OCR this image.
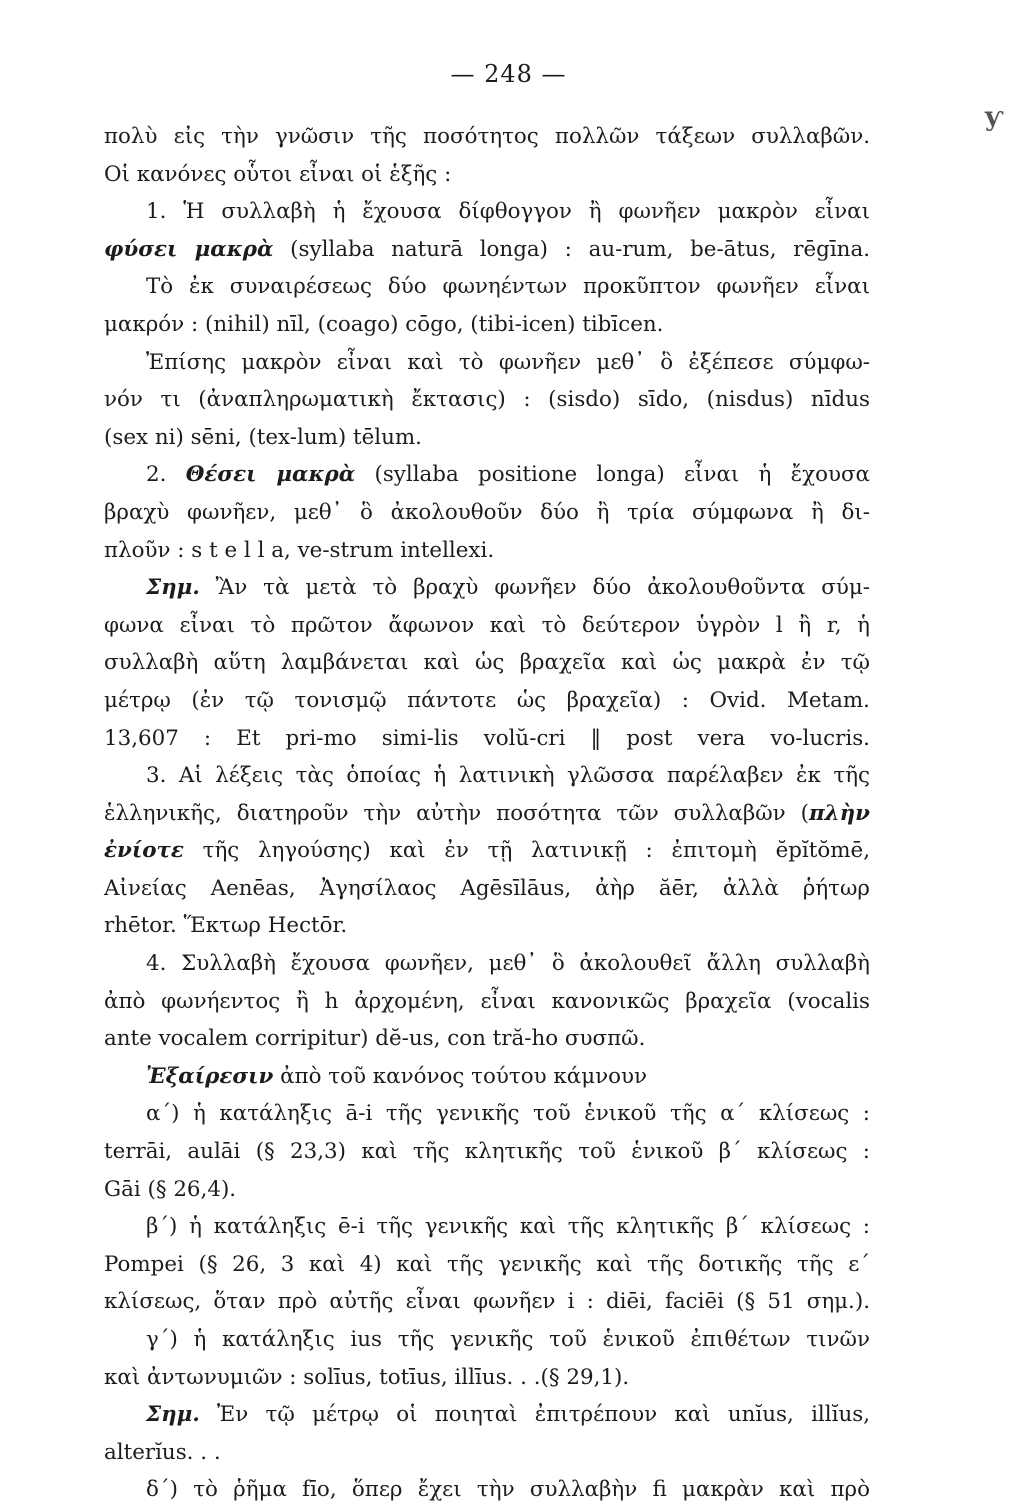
— 248 —
πολὺ εἰς τὴν γνῶσιν τῆς ποσότητος πολλῶν τάξεων συλλαβῶν.
Οἱ κανόνες οὗτοι εἶναι οἱ ἑξῆς :
1. Ἡ συλλαβὴ ἡ ἔχουσα δίφθογγον ἢ φωνῆεν μακρὸν εἶναι
φύσει μακρὰ (syllaba naturā longa) : au-rum, be-ātus, rēgīna.
Τὸ ἐκ συναιρέσεως δύο φωνηέντων προκῦπτον φωνῆεν εἶναι
μακρόν : (nihil) nīl, (coago) cōgo, (tibi-icen) tibīcen.
Ἐπίσης μακρὸν εἶναι καὶ τὸ φωνῆεν μεθ᾽ ὃ ἐξέπεσε σύμφω-
νόν τι (ἀναπληρωματικὴ ἔκτασις) : (sisdo) sīdo, (nisdus) nīdus
(sex ni) sēni, (tex-lum) tēlum.
2. Θέσει μακρὰ (syllaba positione longa) εἶναι ἡ ἔχουσα
βραχὺ φωνῆεν, μεθ᾽ ὃ ἀκολουθοῦν δύο ἢ τρία σύμφωνα ἢ δι-
πλοῦν : s t e l l a, ve-strum intellexi.
Σημ. Ἂν τὰ μετὰ τὸ βραχὺ φωνῆεν δύο ἀκολουθοῦντα σύμ-
φωνα εἶναι τὸ πρῶτον ἄφωνον καὶ τὸ δεύτερον ὑγρὸν l ἢ r, ἡ
συλλαβὴ αὕτη λαμβάνεται καὶ ὡς βραχεῖα καὶ ὡς μακρὰ ἐν τῷ
μέτρῳ (ἐν τῷ τονισμῷ πάντοτε ὡς βραχεῖα) : Ovid. Metam.
13,607 : Et pri-mo simi-lis volŭ-cri ‖ post vera vo-lucris.
3. Αἱ λέξεις τὰς ὁποίας ἡ λατινικὴ γλῶσσα παρέλαβεν ἐκ τῆς
ἑλληνικῆς, διατηροῦν τὴν αὐτὴν ποσότητα τῶν συλλαβῶν (πλὴν
ἐνίοτε τῆς ληγούσης) καὶ ἐν τῇ λατινικῇ : ἐπιτομὴ ĕpĭtŏmē,
Αἰνείας Aenēas, Ἀγησίλαος Agēsīlāus, ἀὴρ ăēr, ἀλλὰ ῥήτωρ
rhētor. Ἕκτωρ Hectōr.
4. Συλλαβὴ ἔχουσα φωνῆεν, μεθ᾽ ὃ ἀκολουθεῖ ἄλλη συλλαβὴ
ἀπὸ φωνήεντος ἢ h ἀρχομένη, εἶναι κανονικῶς βραχεῖα (vocalis
ante vocalem corripitur) dĕ-us, con tră-ho συσπῶ.
Ἐξαίρεσιν ἀπὸ τοῦ κανόνος τούτου κάμνουν
α΄) ἡ κατάληξις ā-i τῆς γενικῆς τοῦ ἑνικοῦ τῆς α΄ κλίσεως :
terrāi, aulāi (§ 23,3) καὶ τῆς κλητικῆς τοῦ ἑνικοῦ β΄ κλίσεως :
Gāi (§ 26,4).
β΄) ἡ κατάληξις ē-i τῆς γενικῆς καὶ τῆς κλητικῆς β΄ κλίσεως :
Pompei (§ 26, 3 καὶ 4) καὶ τῆς γενικῆς καὶ τῆς δοτικῆς τῆς ε΄
κλίσεως, ὅταν πρὸ αὐτῆς εἶναι φωνῆεν i : diēi, faciēi (§ 51 σημ.).
γ΄) ἡ κατάληξις ius τῆς γενικῆς τοῦ ἑνικοῦ ἐπιθέτων τινῶν
καὶ ἀντωνυμιῶν : solīus, totīus, illīus. . .(§ 29,1).
Σημ. Ἐν τῷ μέτρῳ οἱ ποιηταὶ ἐπιτρέπουν καὶ unĭus, illĭus,
alterĭus. . .
δ΄) τὸ ῥῆμα fīo, ὅπερ ἔχει τὴν συλλαβὴν fi μακρὰν καὶ πρὸ
ƴ
